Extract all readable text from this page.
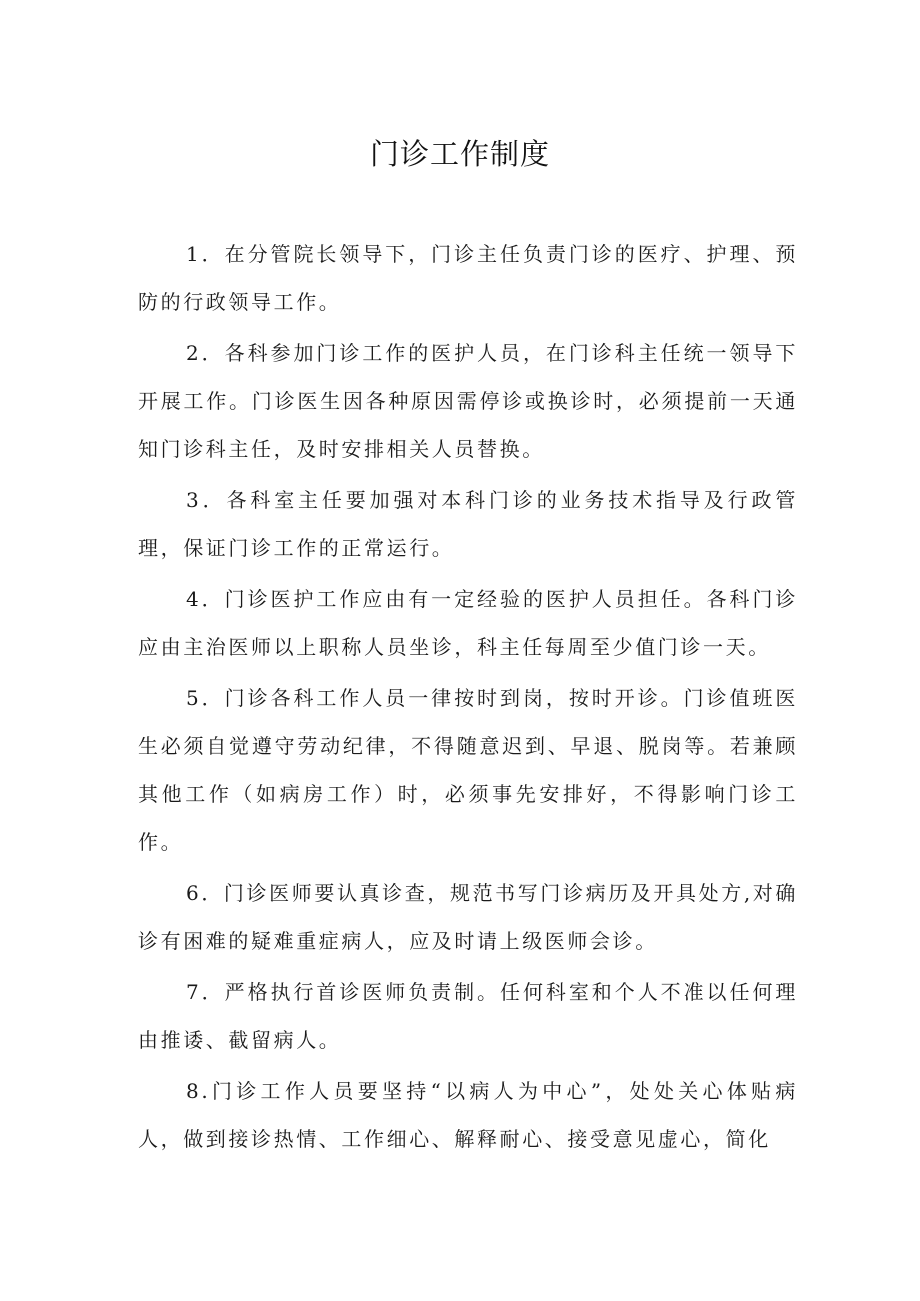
门诊工作制度

1．在分管院长领导下，门诊主任负责门诊的医疗、护理、预防的行政领导工作。

2．各科参加门诊工作的医护人员，在门诊科主任统一领导下开展工作。门诊医生因各种原因需停诊或换诊时，必须提前一天通知门诊科主任，及时安排相关人员替换。

3．各科室主任要加强对本科门诊的业务技术指导及行政管理，保证门诊工作的正常运行。

4．门诊医护工作应由有一定经验的医护人员担任。各科门诊应由主治医师以上职称人员坐诊，科主任每周至少值门诊一天。

5．门诊各科工作人员一律按时到岗，按时开诊。门诊值班医生必须自觉遵守劳动纪律，不得随意迟到、早退、脱岗等。若兼顾其他工作（如病房工作）时，必须事先安排好，不得影响门诊工作。

6．门诊医师要认真诊查，规范书写门诊病历及开具处方,对确诊有困难的疑难重症病人，应及时请上级医师会诊。

7．严格执行首诊医师负责制。任何科室和个人不准以任何理由推诿、截留病人。

8.门诊工作人员要坚持“以病人为中心”，处处关心体贴病人，做到接诊热情、工作细心、解释耐心、接受意见虚心，简化
